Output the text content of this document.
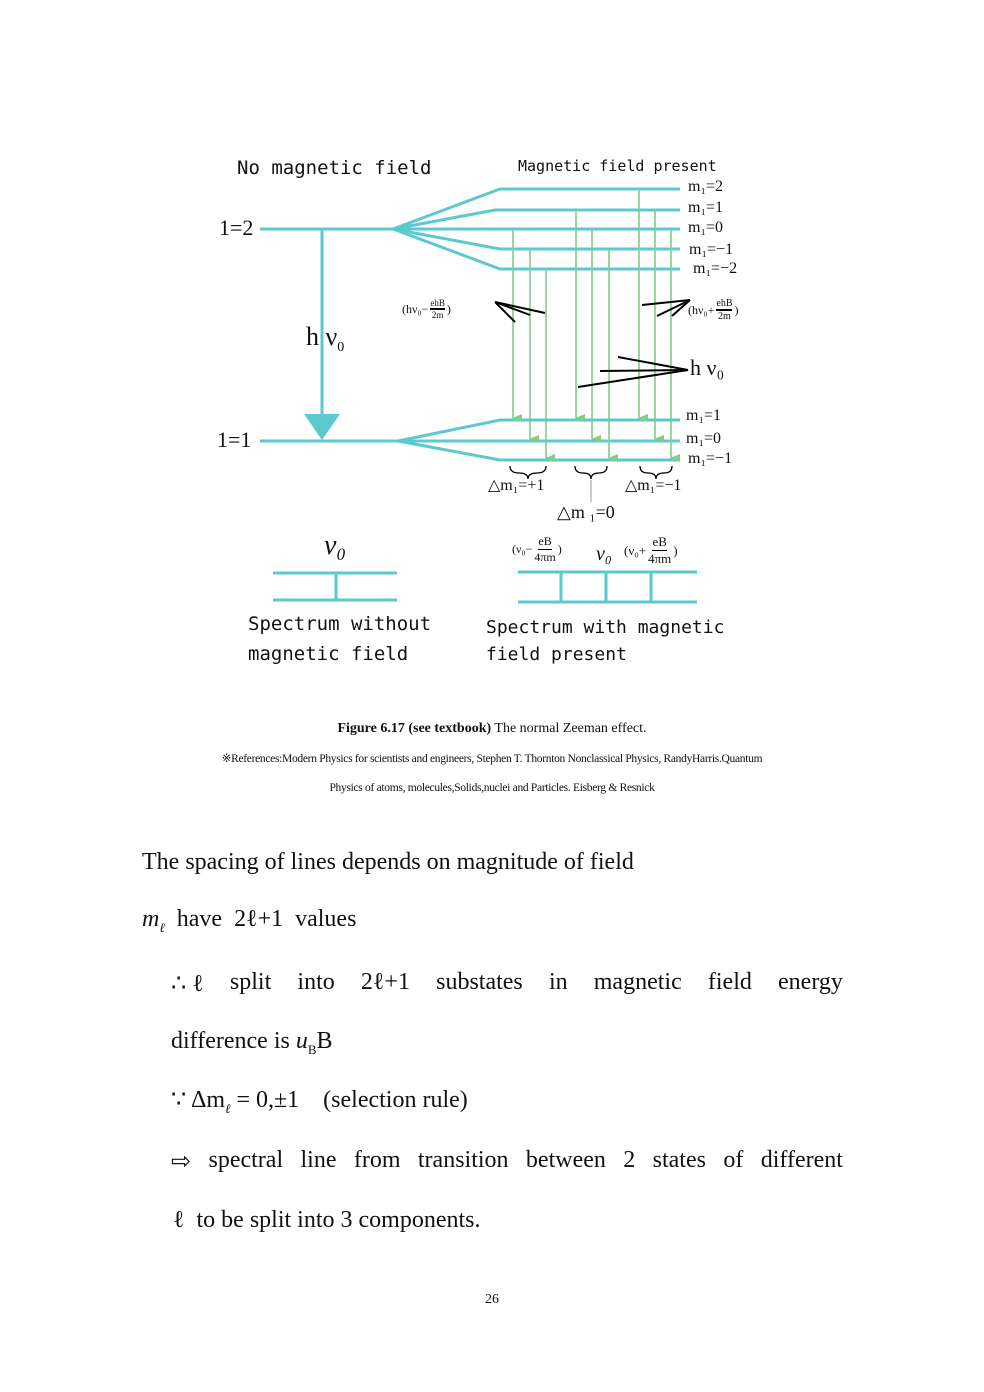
No magnetic field	Magnetic field present
1=2
1=1
h $\nu_0$
m₁=2
m₁=1
m₁=0
m₁=−1
m₁=−2
m₁=1
m₁=0
m₁=−1
(hν₀− ehB
2m )	(hν₀+ ehB
2m )
h ν₀
△m₁=+1	△m₁=−1
△m ₁=0
ν₀	($\nu_0- \frac{eB}{4\pi m}$ ) ν₀ ($\nu_0+ \frac{eB}{4\pi m}$ )
Spectrum without
magnetic field
Spectrum with magnetic
field present
Figure 6.17 (see textbook) The normal Zeeman effect.
※References:Modern Physics for scientists and engineers, Stephen T. Thornton Nonclassical Physics, RandyHarris.Quantum
Physics of atoms, molecules,Solids,nuclei and Particles. Eisberg & Resnick
The spacing of lines depends on magnitude of field
$m_\ell$ have 2ℓ+1 values
∴ ℓ split into 2ℓ+1 substates in magnetic field energy
difference is $u_BB$
∵ $\Delta m_\ell = 0,\pm 1$    (selection rule)
⇨ spectral line from transition between 2 states of different
ℓ  to be split into 3 components.
26
